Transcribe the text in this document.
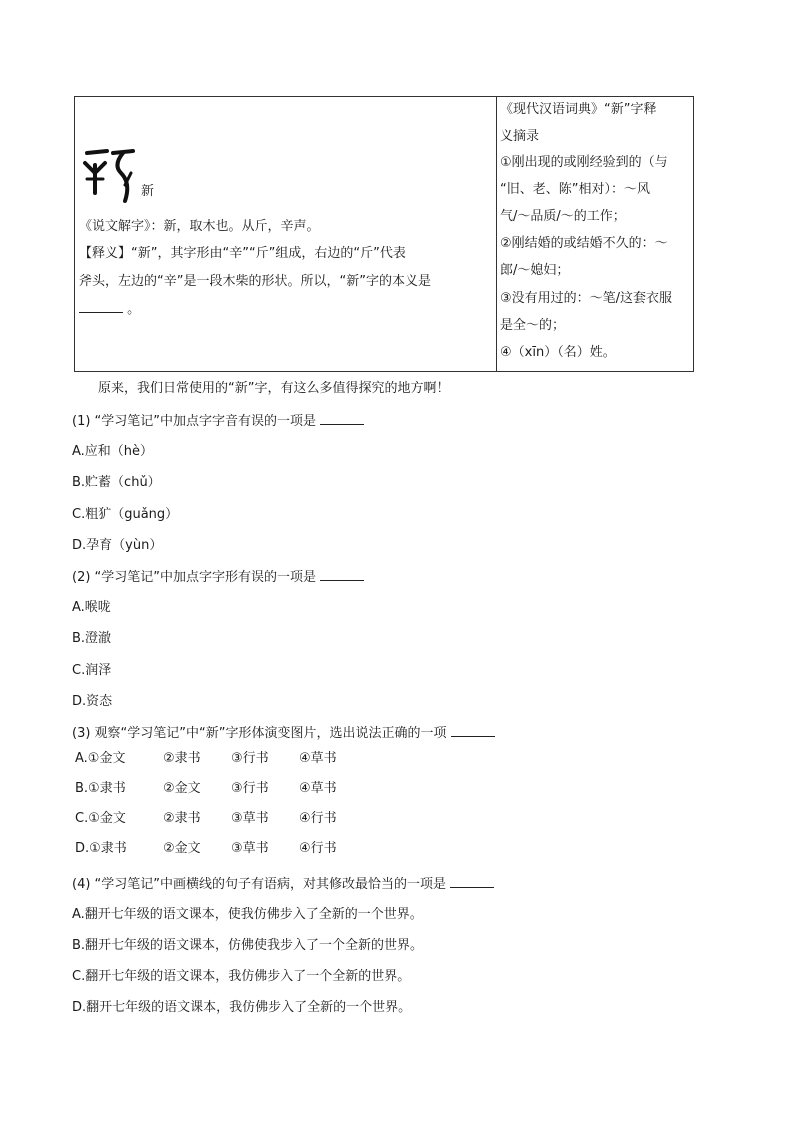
新
《说文解字》：新，取木也。从斤，辛声。
【释义】“新”，其字形由“辛”“斤”组成，右边的“斤”代表
斧头，左边的“辛”是一段木柴的形状。所以，“新”字的本义是
。
《现代汉语词典》“新”字释
义摘录
①刚出现的或刚经验到的（与
“旧、老、陈”相对）：～风
气/～品质/～的工作；
②刚结婚的或结婚不久的：～
郎/～媳妇；
③没有用过的：～笔/这套衣服
是全～的；
④（xīn）（名）姓。
原来，我们日常使用的“新”字，有这么多值得探究的地方啊！
(1) “学习笔记”中加点字字音有误的一项是
A.应和（hè）
B.贮蓄（chǔ）
C.粗犷（guǎng）
D.孕育（yùn）
(2) “学习笔记”中加点字字形有误的一项是
A.喉咙
B.澄澈
C.润泽
D.资态
(3) 观察“学习笔记”中“新”字形体演变图片，选出说法正确的一项
A.①金文	②隶书 ③行书 ④草书
B.①隶书	②金文 ③行书 ④草书
C.①金文	②隶书 ③草书 ④行书
D.①隶书	②金文 ③草书 ④行书
(4) “学习笔记”中画横线的句子有语病，对其修改最恰当的一项是
A.翻开七年级的语文课本，使我仿佛步入了全新的一个世界。
B.翻开七年级的语文课本，仿佛使我步入了一个全新的世界。
C.翻开七年级的语文课本，我仿佛步入了一个全新的世界。
D.翻开七年级的语文课本，我仿佛步入了全新的一个世界。
